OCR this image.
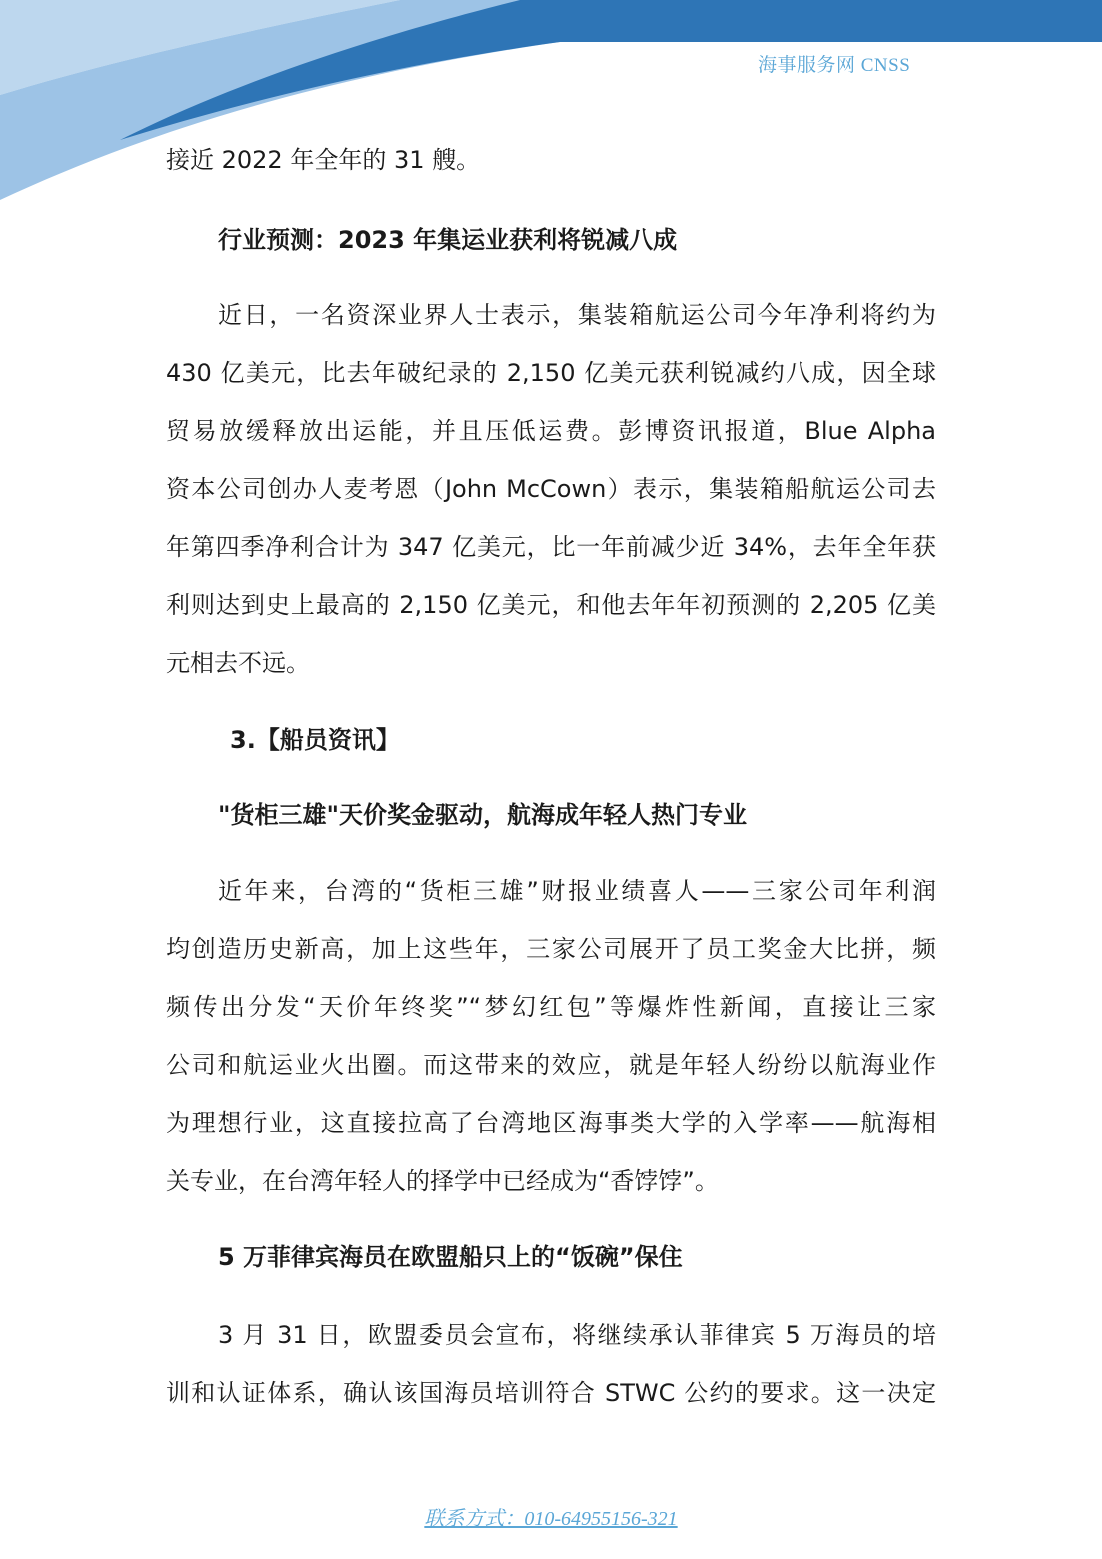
海事服务网 CNSS
接近 2022 年全年的 31 艘。
行业预测：2023 年集运业获利将锐减八成
近日，一名资深业界人士表示，集装箱航运公司今年净利将约为
430 亿美元，比去年破纪录的 2,150 亿美元获利锐减约八成，因全球
贸易放缓释放出运能，并且压低运费。彭博资讯报道，Blue Alpha
资本公司创办人麦考恩（John McCown）表示，集装箱船航运公司去
年第四季净利合计为 347 亿美元，比一年前减少近 34%，去年全年获
利则达到史上最高的 2,150 亿美元，和他去年年初预测的 2,205 亿美
元相去不远。
3.【船员资讯】
"货柜三雄"天价奖金驱动，航海成年轻人热门专业
近年来，台湾的“货柜三雄”财报业绩喜人——三家公司年利润
均创造历史新高，加上这些年，三家公司展开了员工奖金大比拼，频
频传出分发“天价年终奖”“梦幻红包”等爆炸性新闻，直接让三家
公司和航运业火出圈。而这带来的效应，就是年轻人纷纷以航海业作
为理想行业，这直接拉高了台湾地区海事类大学的入学率——航海相
关专业，在台湾年轻人的择学中已经成为“香饽饽”。
5 万菲律宾海员在欧盟船只上的“饭碗”保住
3 月 31 日，欧盟委员会宣布，将继续承认菲律宾 5 万海员的培
训和认证体系，确认该国海员培训符合 STWC 公约的要求。这一决定
联系方式：010-64955156-321
